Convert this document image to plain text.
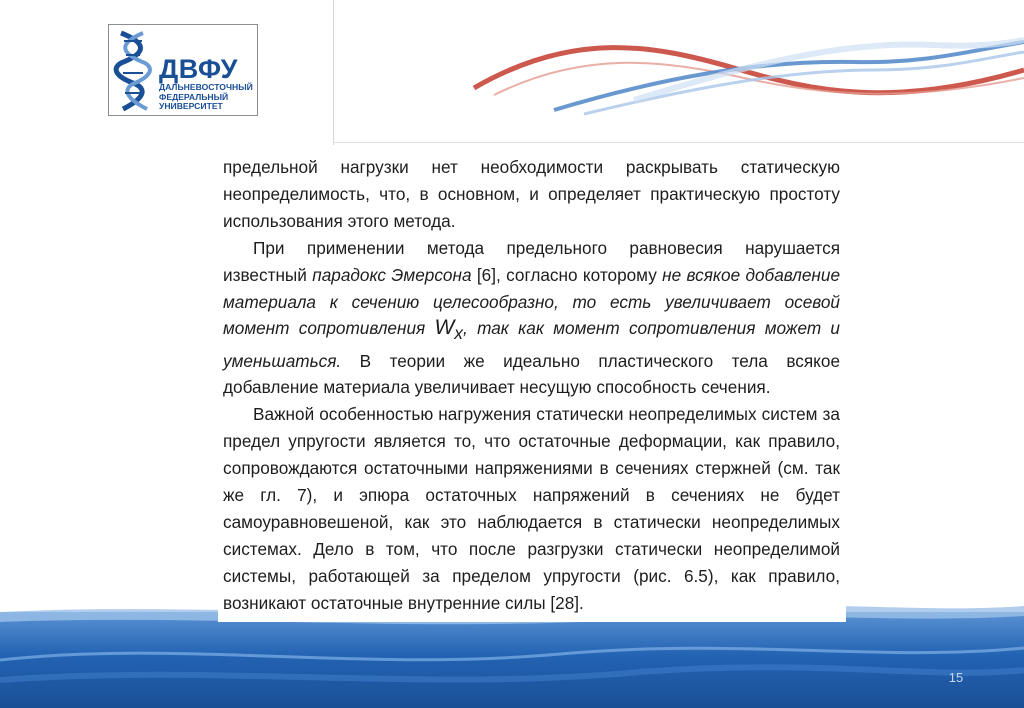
ДВФУ
ДАЛЬНЕВОСТОЧНЫЙ
ФЕДЕРАЛЬНЫЙ
УНИВЕРСИТЕТ

предельной нагрузки нет необходимости раскрывать статическую неопределимость, что, в основном, и определяет практическую простоту использования этого метода.

При применении метода предельного равновесия нарушается известный парадокс Эмерсона [6], согласно которому не всякое добавление материала к сечению целесообразно, то есть увеличивает осевой момент сопротивления $W_x$, так как момент сопротивления может и уменьшаться. В теории же идеально пластического тела всякое добавление материала увеличивает несущую способность сечения.

Важной особенностью нагружения статически неопределимых систем за предел упругости является то, что остаточные деформации, как правило, сопровождаются остаточными напряжениями в сечениях стержней (см. так же гл. 7), и эпюра остаточных напряжений в сечениях не будет самоуравновешеной, как это наблюдается в статически неопределимых системах. Дело в том, что после разгрузки статически неопределимой системы, работающей за пределом упругости (рис. 6.5), как правило, возникают остаточные внутренние силы [28].

15
